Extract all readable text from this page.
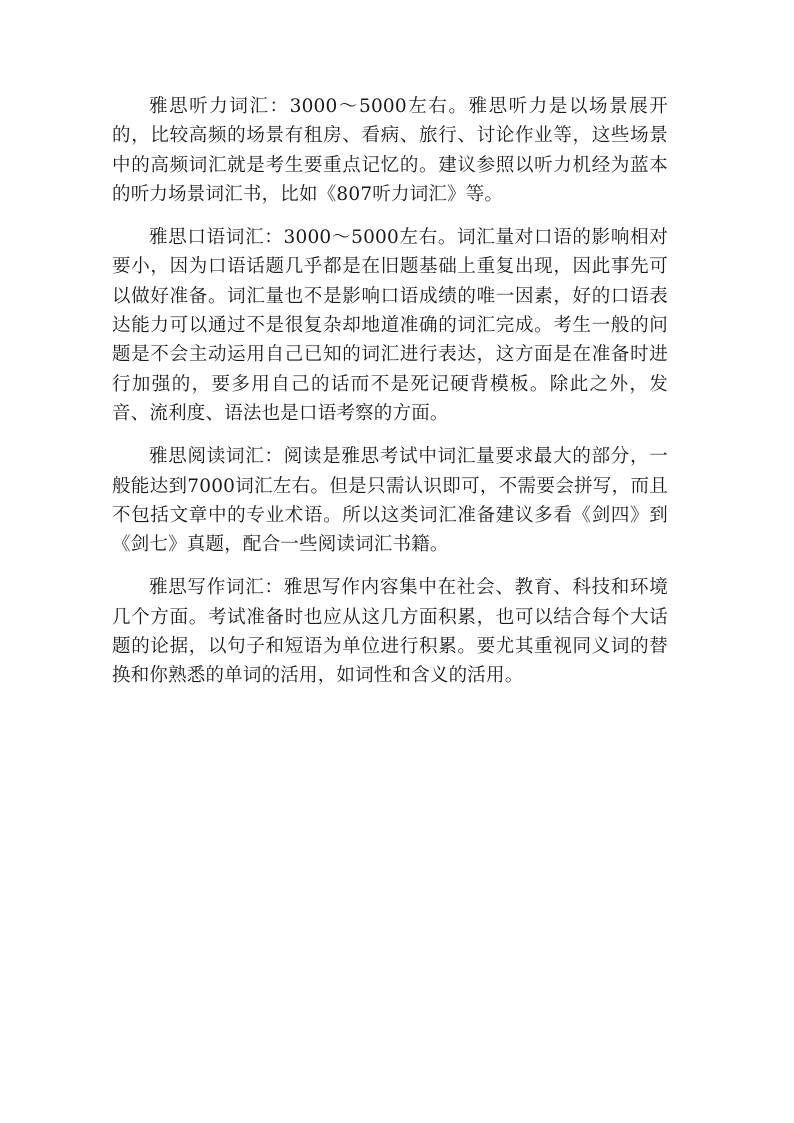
雅思听力词汇：3000～5000左右。雅思听力是以场景展开的，比较高频的场景有租房、看病、旅行、讨论作业等，这些场景中的高频词汇就是考生要重点记忆的。建议参照以听力机经为蓝本的听力场景词汇书，比如《807听力词汇》等。

雅思口语词汇：3000～5000左右。词汇量对口语的影响相对要小，因为口语话题几乎都是在旧题基础上重复出现，因此事先可以做好准备。词汇量也不是影响口语成绩的唯一因素，好的口语表达能力可以通过不是很复杂却地道准确的词汇完成。考生一般的问题是不会主动运用自己已知的词汇进行表达，这方面是在准备时进行加强的，要多用自己的话而不是死记硬背模板。除此之外，发音、流利度、语法也是口语考察的方面。

雅思阅读词汇：阅读是雅思考试中词汇量要求最大的部分，一般能达到7000词汇左右。但是只需认识即可，不需要会拼写，而且不包括文章中的专业术语。所以这类词汇准备建议多看《剑四》到《剑七》真题，配合一些阅读词汇书籍。

雅思写作词汇：雅思写作内容集中在社会、教育、科技和环境几个方面。考试准备时也应从这几方面积累，也可以结合每个大话题的论据，以句子和短语为单位进行积累。要尤其重视同义词的替换和你熟悉的单词的活用，如词性和含义的活用。
